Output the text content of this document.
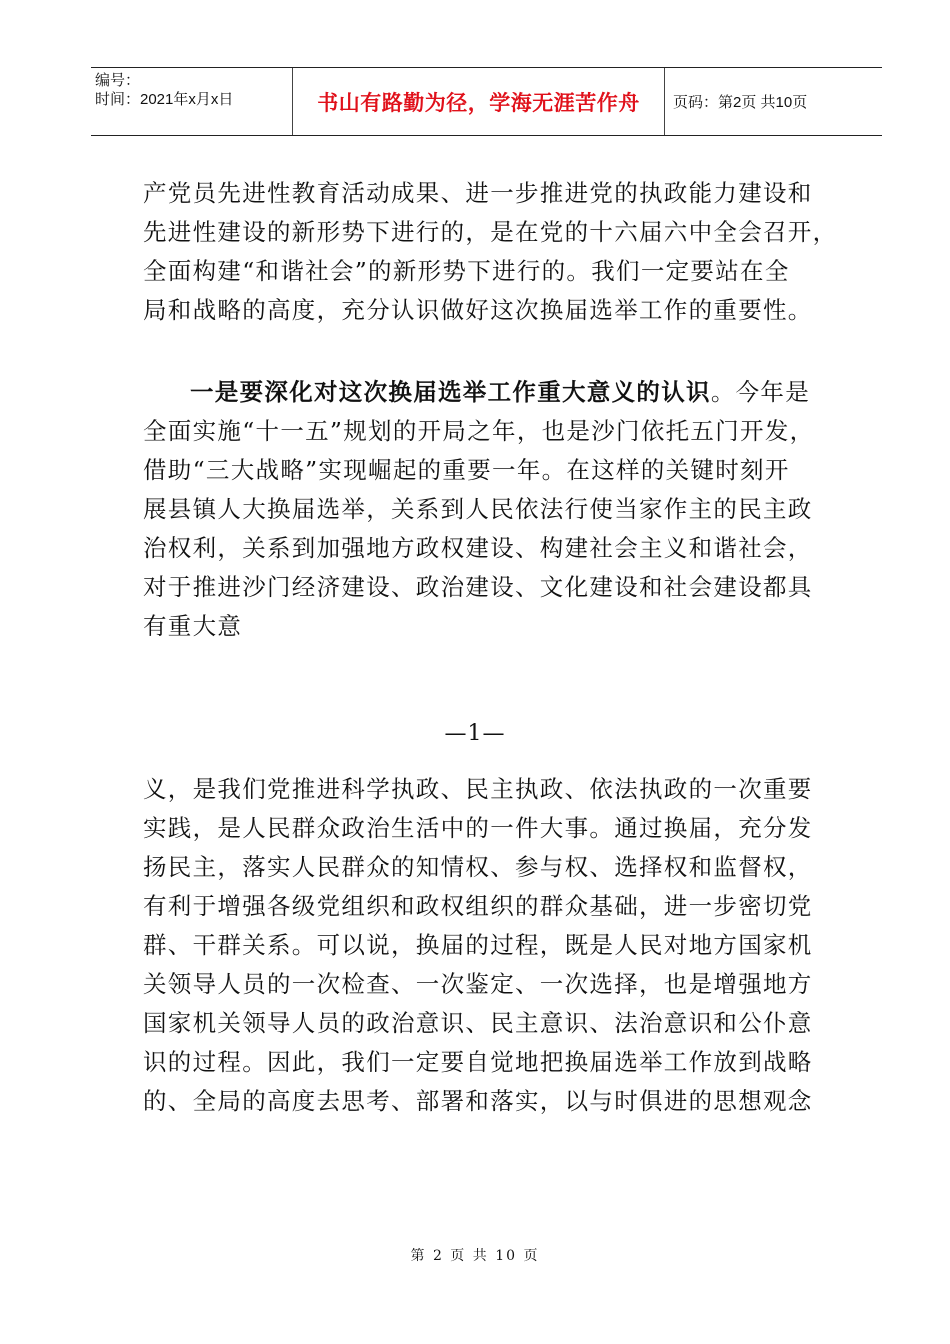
编号：
时间：2021年x月x日	书山有路勤为径，学海无涯苦作舟 页码：第2页 共10页
产党员先进性教育活动成果、进一步推进党的执政能力建设和
先进性建设的新形势下进行的，是在党的十六届六中全会召开，
全面构建“和谐社会”的新形势下进行的。我们一定要站在全
局和战略的高度，充分认识做好这次换届选举工作的重要性。
一是要深化对这次换届选举工作重大意义的认识。今年是
全面实施“十一五”规划的开局之年，也是沙门依托五门开发，
借助“三大战略”实现崛起的重要一年。在这样的关键时刻开
展县镇人大换届选举，关系到人民依法行使当家作主的民主政
治权利，关系到加强地方政权建设、构建社会主义和谐社会，
对于推进沙门经济建设、政治建设、文化建设和社会建设都具
有重大意
—1—
义，是我们党推进科学执政、民主执政、依法执政的一次重要
实践，是人民群众政治生活中的一件大事。通过换届，充分发
扬民主，落实人民群众的知情权、参与权、选择权和监督权，
有利于增强各级党组织和政权组织的群众基础，进一步密切党
群、干群关系。可以说，换届的过程，既是人民对地方国家机
关领导人员的一次检查、一次鉴定、一次选择，也是增强地方
国家机关领导人员的政治意识、民主意识、法治意识和公仆意
识的过程。因此，我们一定要自觉地把换届选举工作放到战略
的、全局的高度去思考、部署和落实，以与时俱进的思想观念
第 2 页 共 10 页
